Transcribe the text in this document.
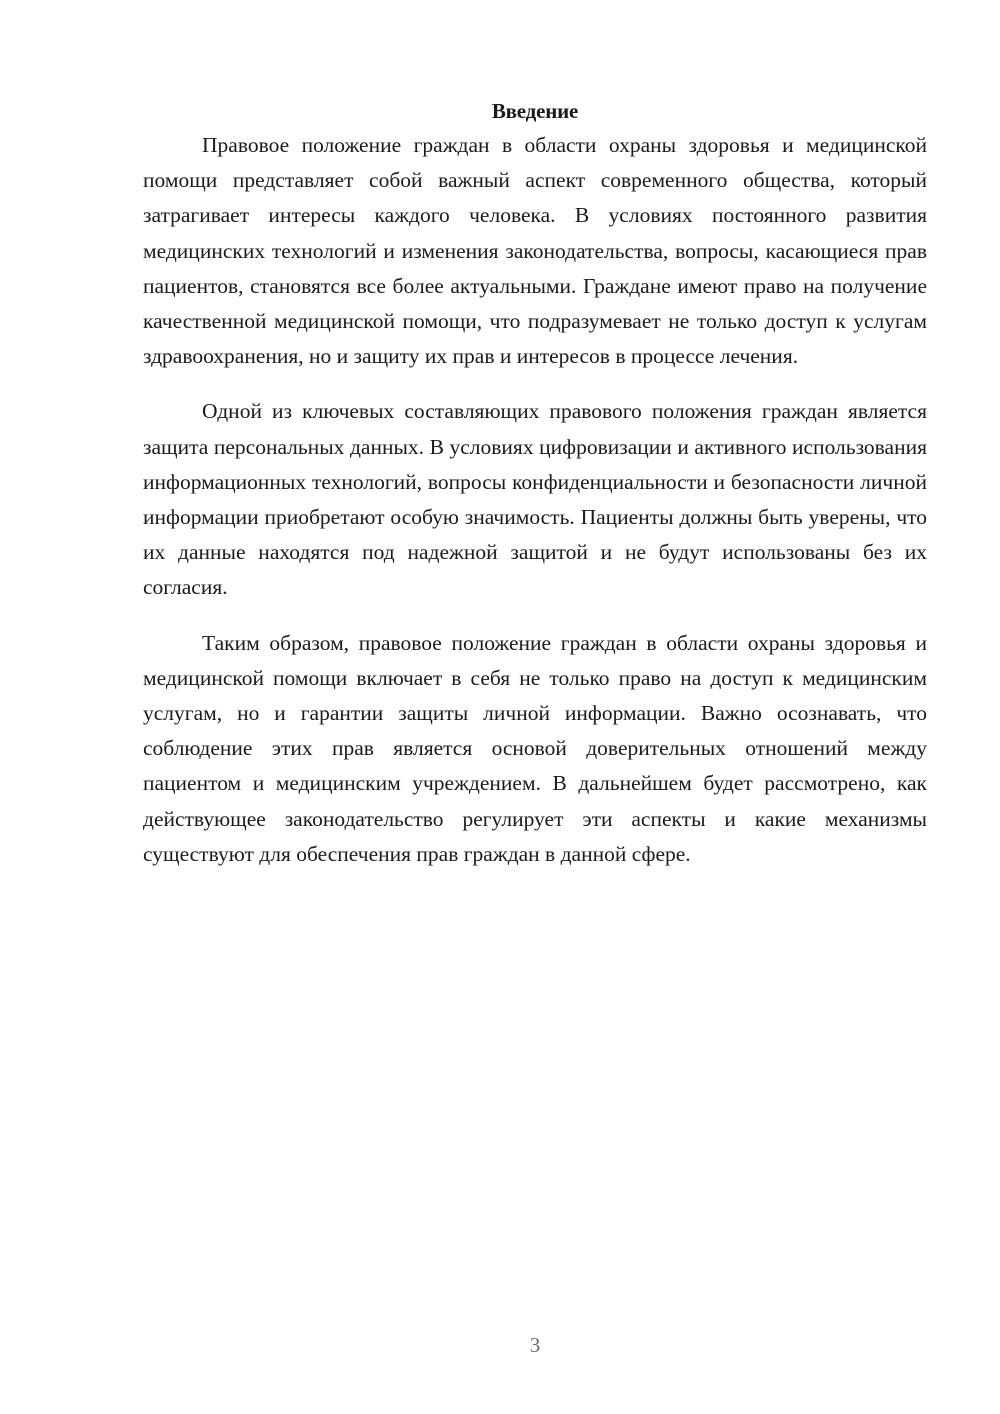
Введение

Правовое положение граждан в области охраны здоровья и медицинской помощи представляет собой важный аспект современного общества, который затрагивает интересы каждого человека. В условиях постоянного развития медицинских технологий и изменения законодательства, вопросы, касающиеся прав пациентов, становятся все более актуальными. Граждане имеют право на получение качественной медицинской помощи, что подразумевает не только доступ к услугам здравоохранения, но и защиту их прав и интересов в процессе лечения.

Одной из ключевых составляющих правового положения граждан является защита персональных данных. В условиях цифровизации и активного использования информационных технологий, вопросы конфиденциальности и безопасности личной информации приобретают особую значимость. Пациенты должны быть уверены, что их данные находятся под надежной защитой и не будут использованы без их согласия.

Таким образом, правовое положение граждан в области охраны здоровья и медицинской помощи включает в себя не только право на доступ к медицинским услугам, но и гарантии защиты личной информации. Важно осознавать, что соблюдение этих прав является основой доверительных отношений между пациентом и медицинским учреждением. В дальнейшем будет рассмотрено, как действующее законодательство регулирует эти аспекты и какие механизмы существуют для обеспечения прав граждан в данной сфере.

3
